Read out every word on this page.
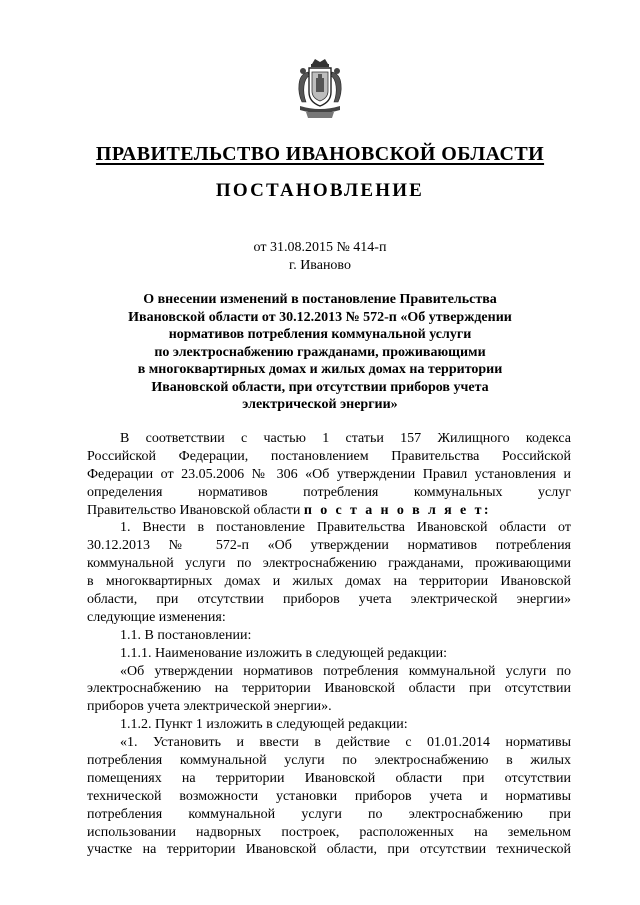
ПРАВИТЕЛЬСТВО ИВАНОВСКОЙ ОБЛАСТИ
ПОСТАНОВЛЕНИЕ
от 31.08.2015 № 414-п
г. Иваново
О внесении изменений в постановление Правительства
Ивановской области от 30.12.2013 № 572-п «Об утверждении
нормативов потребления коммунальной услуги
по электроснабжению гражданами, проживающими
в многоквартирных домах и жилых домах на территории
Ивановской области, при отсутствии приборов учета
электрической энергии»
В соответствии с частью 1 статьи 157 Жилищного кодекса
Российской Федерации, постановлением Правительства Российской
Федерации от 23.05.2006 № 306 «Об утверждении Правил установления и
определения нормативов потребления коммунальных услуг
Правительство Ивановской области п о с т а н о в л я е т:
1. Внести в постановление Правительства Ивановской области от
30.12.2013 № 572-п «Об утверждении нормативов потребления
коммунальной услуги по электроснабжению гражданами, проживающими
в многоквартирных домах и жилых домах на территории Ивановской
области, при отсутствии приборов учета электрической энергии»
следующие изменения:
1.1. В постановлении:
1.1.1. Наименование изложить в следующей редакции:
«Об утверждении нормативов потребления коммунальной услуги по
электроснабжению на территории Ивановской области при отсутствии
приборов учета электрической энергии».
1.1.2. Пункт 1 изложить в следующей редакции:
«1. Установить и ввести в действие с 01.01.2014 нормативы
потребления коммунальной услуги по электроснабжению в жилых
помещениях на территории Ивановской области при отсутствии
технической возможности установки приборов учета и нормативы
потребления коммунальной услуги по электроснабжению при
использовании надворных построек, расположенных на земельном
участке на территории Ивановской области, при отсутствии технической
